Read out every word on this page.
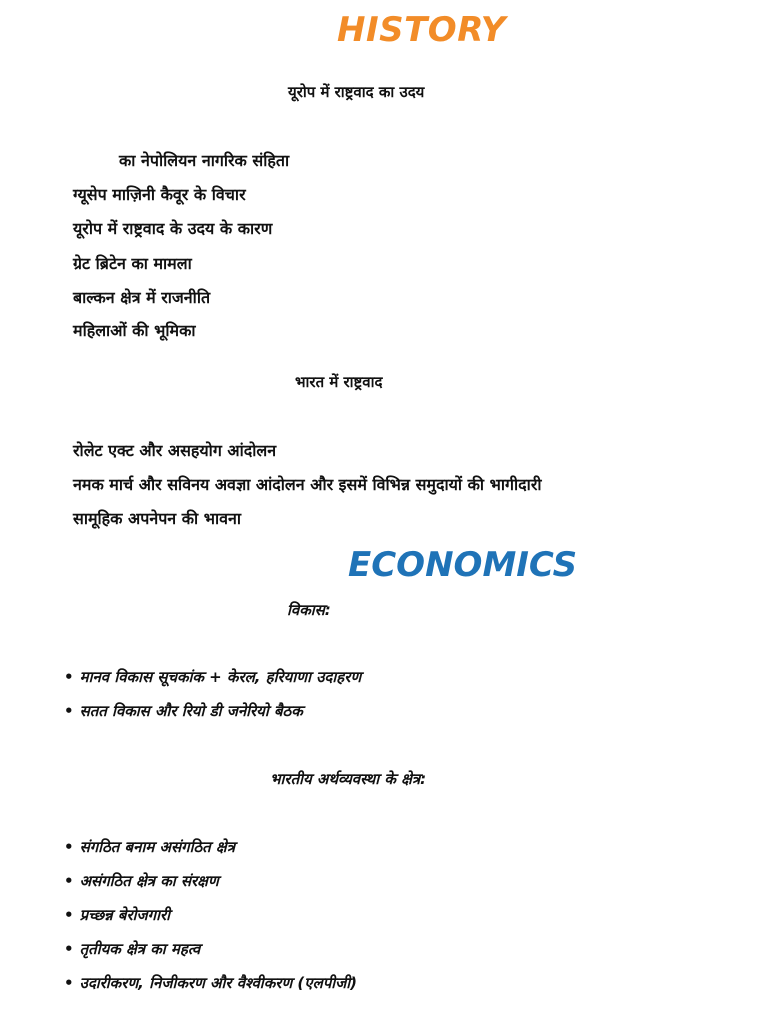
HISTORY
यूरोप में राष्ट्रवाद का उदय
का नेपोलियन नागरिक संहिता
ग्यूसेप माज़िनी कैवूर के विचार
यूरोप में राष्ट्रवाद के उदय के कारण
ग्रेट ब्रिटेन का मामला
बाल्कन क्षेत्र में राजनीति
महिलाओं की भूमिका
भारत में राष्ट्रवाद
रोलेट एक्ट और असहयोग आंदोलन
नमक मार्च और सविनय अवज्ञा आंदोलन और इसमें विभिन्न समुदायों की भागीदारी
सामूहिक अपनेपन की भावना
ECONOMICS
विकास:
• मानव विकास सूचकांक + केरल, हरियाणा उदाहरण
• सतत विकास और रियो डी जनेरियो बैठक
भारतीय अर्थव्यवस्था के क्षेत्र:
• संगठित बनाम असंगठित क्षेत्र
• असंगठित क्षेत्र का संरक्षण
• प्रच्छन्न बेरोजगारी
• तृतीयक क्षेत्र का महत्व
• उदारीकरण, निजीकरण और वैश्वीकरण (एलपीजी)
